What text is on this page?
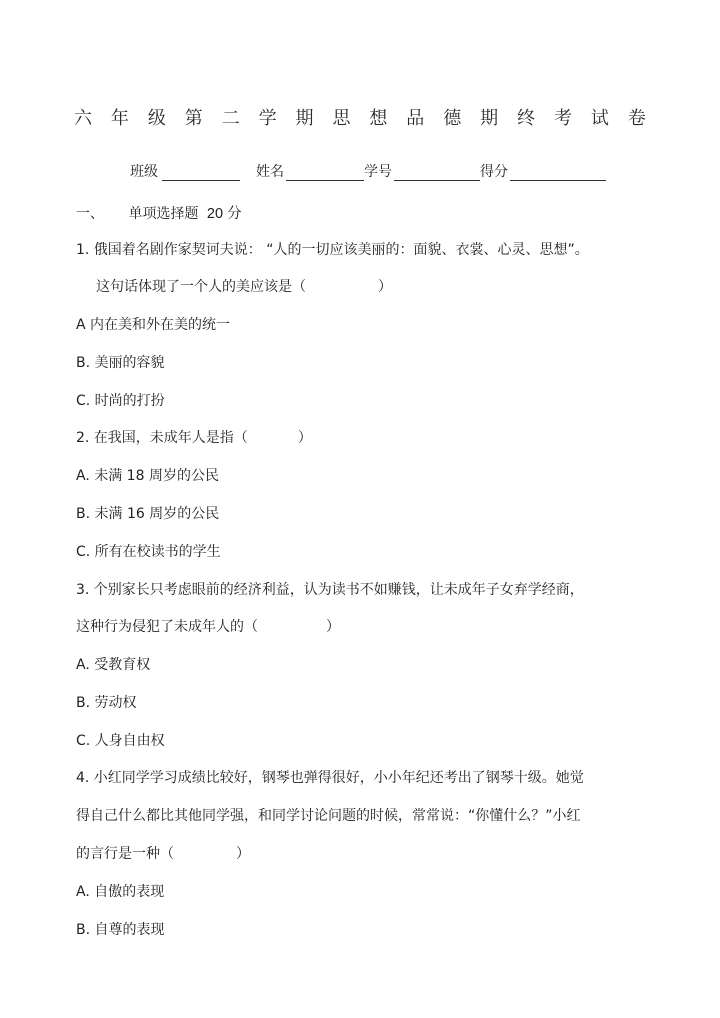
六 年 级 第 二 学 期 思 想 品 德 期 终 考 试 卷
班级	姓名	学号	得分
一、 单项选择题 20 分
1. 俄国着名剧作家契诃夫说： “人的一切应该美丽的：面貌、衣裳、心灵、思想”。
这句话体现了一个人的美应该是（	）
A 内在美和外在美的统一
B. 美丽的容貌
C. 时尚的打扮
2. 在我国，未成年人是指（	）
A. 未满 18 周岁的公民
B. 未满 16 周岁的公民
C. 所有在校读书的学生
3. 个别家长只考虑眼前的经济利益，认为读书不如赚钱，让未成年子女弃学经商，
这种行为侵犯了未成年人的（	）
A. 受教育权
B. 劳动权
C. 人身自由权
4. 小红同学学习成绩比较好，钢琴也弹得很好，小小年纪还考出了钢琴十级。她觉
得自己什么都比其他同学强，和同学讨论问题的时候，常常说：“你懂什么？”小红
的言行是一种（	）
A. 自傲的表现
B. 自尊的表现
